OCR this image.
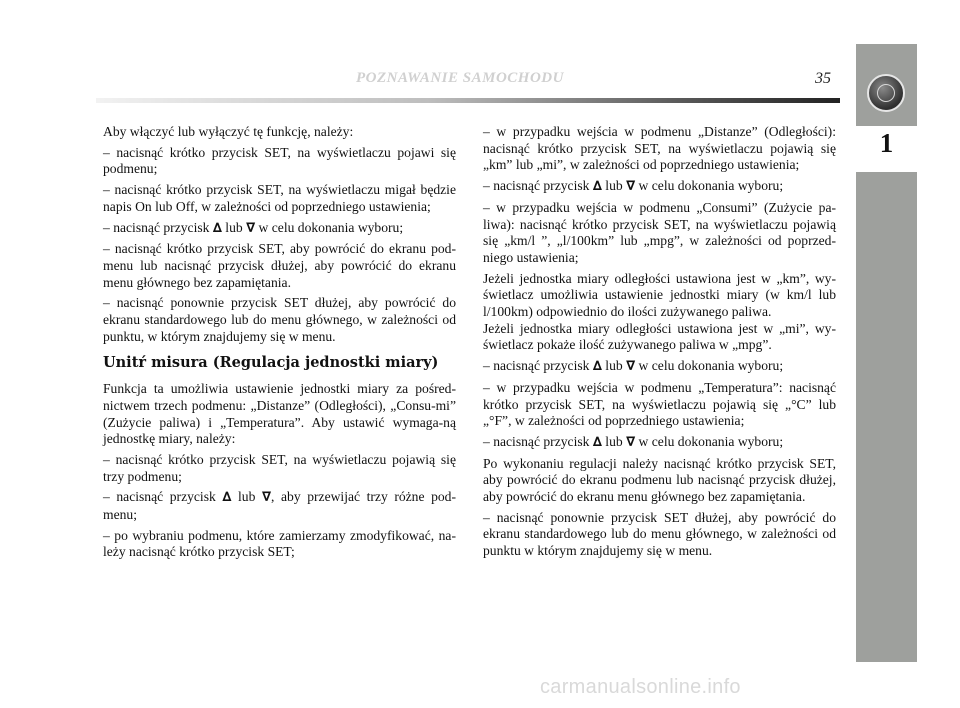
POZNAWANIE SAMOCHODU	35
1

Aby włączyć lub wyłączyć tę funkcję, należy:

– nacisnąć krótko przycisk SET, na wyświetlaczu pojawi się podmenu;

– nacisnąć krótko przycisk SET, na wyświetlaczu migał będzie napis On lub Off, w zależności od poprzedniego ustawienia;

– nacisnąć przycisk ∆ lub ∇ w celu dokonania wyboru;

– nacisnąć krótko przycisk SET, aby powrócić do ekranu pod-menu lub nacisnąć przycisk dłużej, aby powrócić do ekranu menu głównego bez zapamiętania.

– nacisnąć ponownie przycisk SET dłużej, aby powrócić do ekranu standardowego lub do menu głównego, w zależności od punktu, w którym znajdujemy się w menu.

Unitŕ misura (Regulacja jednostki miary)

Funkcja ta umożliwia ustawienie jednostki miary za pośred-nictwem trzech podmenu: „Distanze” (Odległości), „Consu-mi” (Zużycie paliwa) i „Temperatura”. Aby ustawić wymaga-ną jednostkę miary, należy:

– nacisnąć krótko przycisk SET, na wyświetlaczu pojawią się trzy podmenu;

– nacisnąć przycisk ∆ lub ∇, aby przewijać trzy różne pod-menu;

– po wybraniu podmenu, które zamierzamy zmodyfikować, na-leży nacisnąć krótko przycisk SET;

– w przypadku wejścia w podmenu „Distanze” (Odległości): nacisnąć krótko przycisk SET, na wyświetlaczu pojawią się „km” lub „mi”, w zależności od poprzedniego ustawienia;

– nacisnąć przycisk ∆ lub ∇ w celu dokonania wyboru;

– w przypadku wejścia w podmenu „Consumi” (Zużycie pa-liwa): nacisnąć krótko przycisk SET, na wyświetlaczu pojawią się „km/l ”, „l/100km” lub „mpg”, w zależności od poprzed-niego ustawienia;

Jeżeli jednostka miary odległości ustawiona jest w „km”, wy-świetlacz umożliwia ustawienie jednostki miary (w km/l lub l/100km) odpowiednio do ilości zużywanego paliwa.

Jeżeli jednostka miary odległości ustawiona jest w „mi”, wy-świetlacz pokaże ilość zużywanego paliwa w „mpg”.

– nacisnąć przycisk ∆ lub ∇ w celu dokonania wyboru;

– w przypadku wejścia w podmenu „Temperatura”: nacisnąć krótko przycisk SET, na wyświetlaczu pojawią się „°C” lub „°F”, w zależności od poprzedniego ustawienia;

– nacisnąć przycisk ∆ lub ∇ w celu dokonania wyboru;

Po wykonaniu regulacji należy nacisnąć krótko przycisk SET, aby powrócić do ekranu podmenu lub nacisnąć przycisk dłużej, aby powrócić do ekranu menu głównego bez zapamiętania.

– nacisnąć ponownie przycisk SET dłużej, aby powrócić do ekranu standardowego lub do menu głównego, w zależności od punktu w którym znajdujemy się w menu.

carmanualsonline.info
